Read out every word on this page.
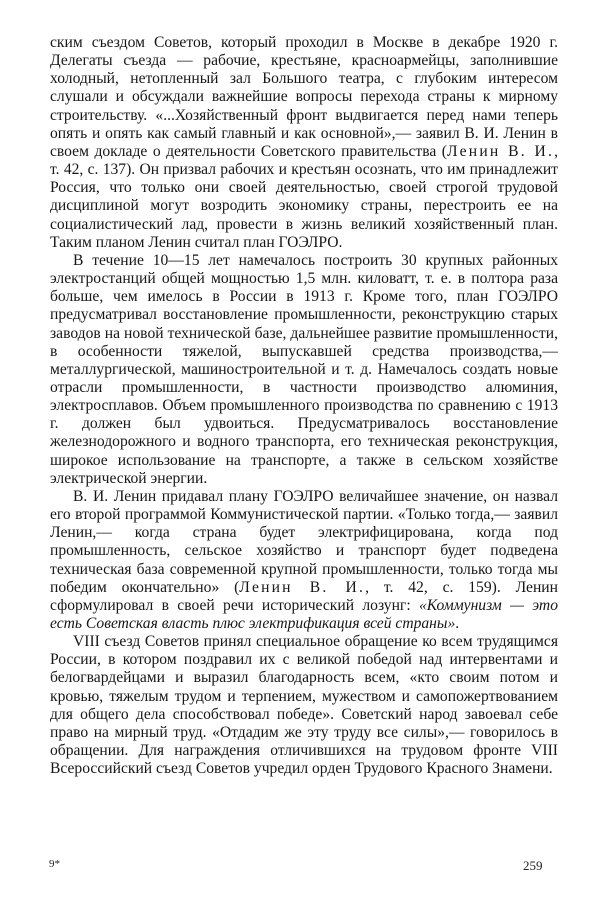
ским съездом Советов, который проходил в Москве в декабре 1920 г. Делегаты съезда — рабочие, крестьяне, красноармейцы, заполнившие холодный, нетопленный зал Большого театра, с глубоким интересом слушали и обсуждали важнейшие вопросы перехода страны к мирному строительству. «...Хозяйственный фронт выдвигается перед нами теперь опять и опять как самый главный и как основной»,— заявил В. И. Ленин в своем докладе о деятельности Советского правительства (Ленин В. И., т. 42, с. 137). Он призвал рабочих и крестьян осознать, что им принадлежит Россия, что только они своей деятельностью, своей строгой трудовой дисциплиной могут возродить экономику страны, перестроить ее на социалистический лад, провести в жизнь великий хозяйственный план. Таким планом Ленин считал план ГОЭЛРО.

В течение 10—15 лет намечалось построить 30 крупных районных электростанций общей мощностью 1,5 млн. киловатт, т. е. в полтора раза больше, чем имелось в России в 1913 г. Кроме того, план ГОЭЛРО предусматривал восстановление промышленности, реконструкцию старых заводов на новой технической базе, дальнейшее развитие промышленности, в особенности тяжелой, выпускавшей средства производства,— металлургической, машиностроительной и т. д. Намечалось создать новые отрасли промышленности, в частности производство алюминия, электросплавов. Объем промышленного производства по сравнению с 1913 г. должен был удвоиться. Предусматривалось восстановление железнодорожного и водного транспорта, его техническая реконструкция, широкое использование на транспорте, а также в сельском хозяйстве электрической энергии.

В. И. Ленин придавал плану ГОЭЛРО величайшее значение, он назвал его второй программой Коммунистической партии. «Только тогда,— заявил Ленин,— когда страна будет электрифицирована, когда под промышленность, сельское хозяйство и транспорт будет подведена техническая база современной крупной промышленности, только тогда мы победим окончательно» (Ленин В. И., т. 42, с. 159). Ленин сформулировал в своей речи исторический лозунг: «Коммунизм — это есть Советская власть плюс электрификация всей страны».

VIII съезд Советов принял специальное обращение ко всем трудящимся России, в котором поздравил их с великой победой над интервентами и белогвардейцами и выразил благодарность всем, «кто своим потом и кровью, тяжелым трудом и терпением, мужеством и самопожертвованием для общего дела способствовал победе». Советский народ завоевал себе право на мирный труд. «Отдадим же эту труду все силы»,— говорилось в обращении. Для награждения отличившихся на трудовом фронте VIII Всероссийский съезд Советов учредил орден Трудового Красного Знамени.

9*	259
